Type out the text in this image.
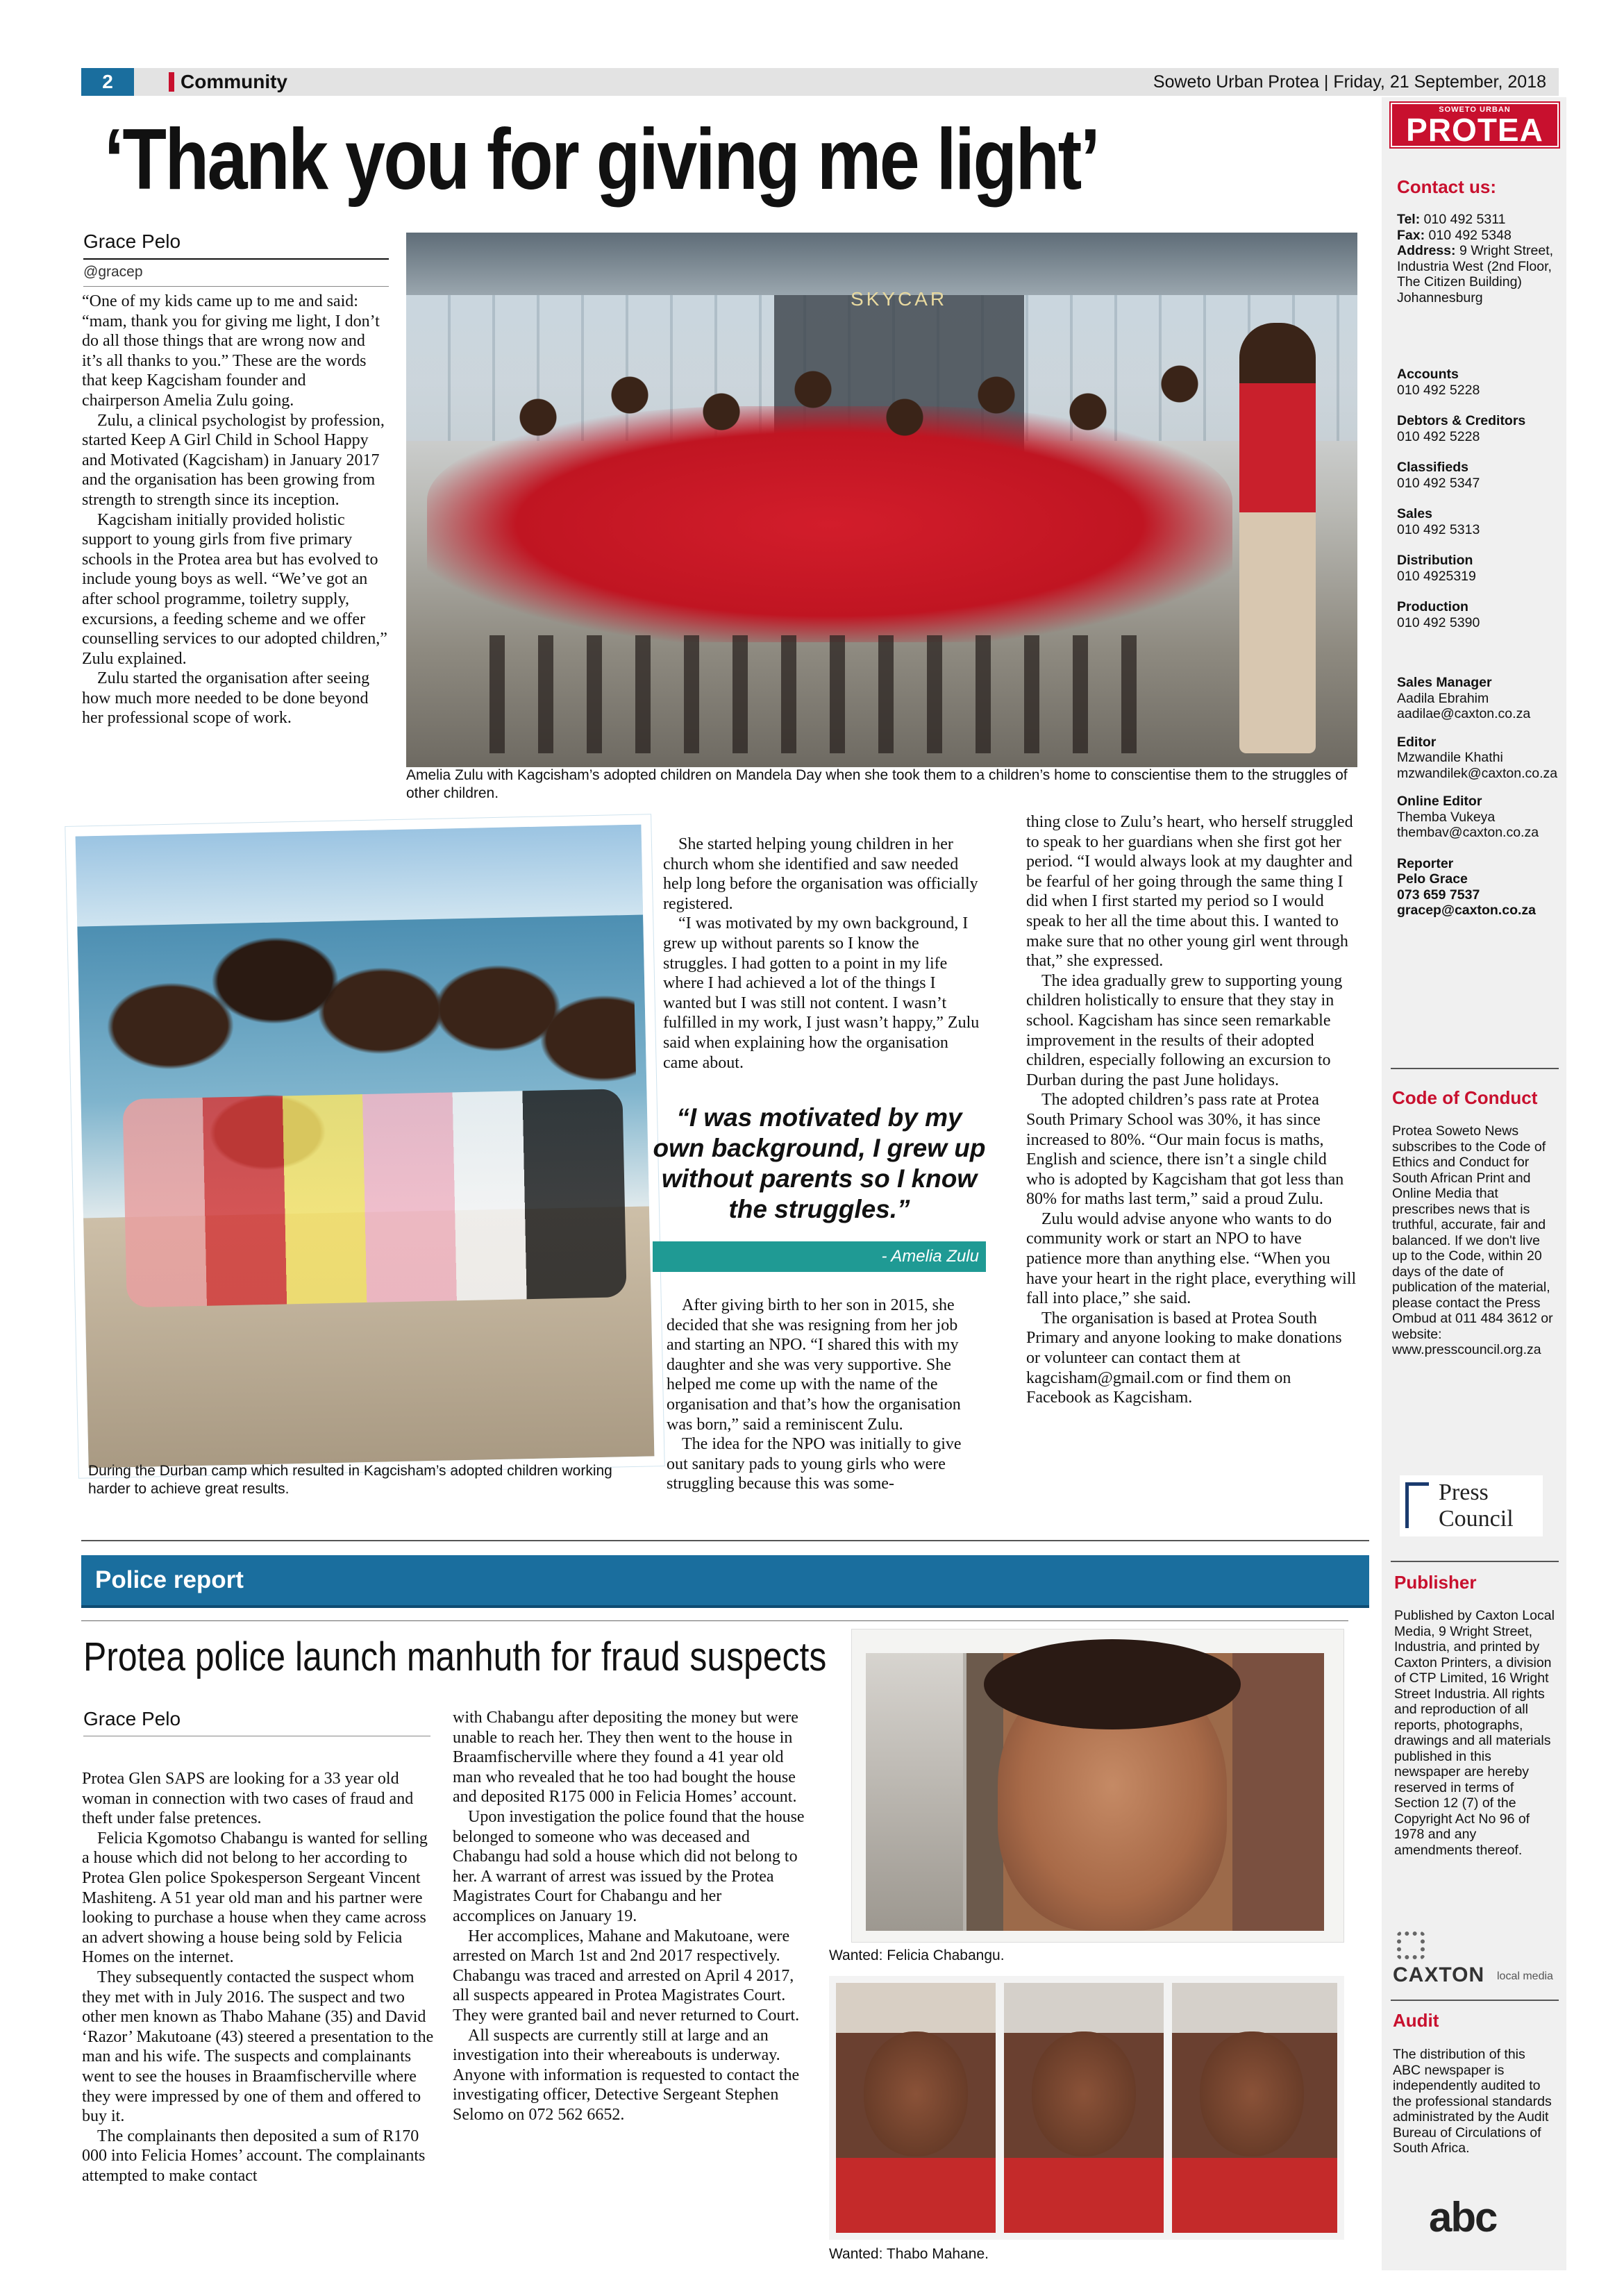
2	Community	Soweto Urban Protea | Friday, 21 September, 2018
SOWETO URBAN
PROTEA
Contact us:
Tel: 010 492 5311
Fax: 010 492 5348
Address: 9 Wright Street, Industria West (2nd Floor, The Citizen Building) Johannesburg
Accounts
010 492 5228
Debtors & Creditors
010 492 5228
Classifieds
010 492 5347
Sales
010 492 5313
Distribution
010 4925319
Production
010 492 5390
Sales Manager
Aadila Ebrahim
aadilae@caxton.co.za
Editor
Mzwandile Khathi
mzwandilek@caxton.co.za
Online Editor
Themba Vukeya
thembav@caxton.co.za
Reporter
Pelo Grace
073 659 7537
gracep@caxton.co.za
Code of Conduct
Protea Soweto News subscribes to the Code of Ethics and Conduct for South African Print and Online Media that prescribes news that is truthful, accurate, fair and balanced. If we don't live up to the Code, within 20 days of the date of publication of the material, please contact the Press Ombud at 011 484 3612 or website: www.presscouncil.org.za
Press
Council
Publisher
Published by Caxton Local Media, 9 Wright Street, Industria, and printed by Caxton Printers, a division of CTP Limited, 16 Wright Street Industria. All rights and reproduction of all reports, photographs, drawings and all materials published in this newspaper are hereby reserved in terms of Section 12 (7) of the Copyright Act No 96 of 1978 and any amendments thereof.
CAXTON local media
Audit
The distribution of this ABC newspaper is independently audited to the professional standards administrated by the Audit Bureau of Circulations of South Africa.
abc
‘Thank you for giving me light’
Grace Pelo
@gracep

“One of my kids came up to me and said: “mam, thank you for giving me light, I don’t do all those things that are wrong now and it’s all thanks to you.” These are the words that keep Kagcisham founder and chairperson Amelia Zulu going.

Zulu, a clinical psychologist by profession, started Keep A Girl Child in School Happy and Motivated (Kagcisham) in January 2017 and the organisation has been growing from strength to strength since its inception.

Kagcisham initially provided holistic support to young girls from five primary schools in the Protea area but has evolved to include young boys as well. “We’ve got an after school programme, toiletry supply, excursions, a feeding scheme and we offer counselling services to our adopted children,” Zulu explained.

Zulu started the organisation after seeing how much more needed to be done beyond her professional scope of work.

SKYCAR
Amelia Zulu with Kagcisham’s adopted children on Mandela Day when she took them to a children’s home to conscientise them to the struggles of other children.
During the Durban camp which resulted in Kagcisham’s adopted children working harder to achieve great results.

She started helping young children in her church whom she identified and saw needed help long before the organisation was officially registered.

“I was motivated by my own background, I grew up without parents so I know the struggles. I had gotten to a point in my life where I had achieved a lot of the things I wanted but I was still not content. I wasn’t fulfilled in my work, I just wasn’t happy,” Zulu said when explaining how the organisation came about.

“I was motivated by my own background, I grew up without parents so I know the struggles.”
- Amelia Zulu

After giving birth to her son in 2015, she decided that she was resigning from her job and starting an NPO. “I shared this with my daughter and she was very supportive. She helped me come up with the name of the organisation and that’s how the organisation was born,” said a reminiscent Zulu.

The idea for the NPO was initially to give out sanitary pads to young girls who were struggling because this was some-

thing close to Zulu’s heart, who herself struggled to speak to her guardians when she first got her period. “I would always look at my daughter and be fearful of her going through the same thing I did when I first started my period so I would speak to her all the time about this. I wanted to make sure that no other young girl went through that,” she expressed.

The idea gradually grew to supporting young children holistically to ensure that they stay in school. Kagcisham has since seen remarkable improvement in the results of their adopted children, especially following an excursion to Durban during the past June holidays.

The adopted children’s pass rate at Protea South Primary School was 30%, it has since increased to 80%. “Our main focus is maths, English and science, there isn’t a single child who is adopted by Kagcisham that got less than 80% for maths last term,” said a proud Zulu.

Zulu would advise anyone who wants to do community work or start an NPO to have patience more than anything else. “When you have your heart in the right place, everything will fall into place,” she said.

The organisation is based at Protea South Primary and anyone looking to make donations or volunteer can contact them at kagcisham@gmail.com or find them on Facebook as Kagcisham.

Police report
Protea police launch manhuth for fraud suspects
Grace Pelo

Protea Glen SAPS are looking for a 33 year old woman in connection with two cases of fraud and theft under false pretences.

Felicia Kgomotso Chabangu is wanted for selling a house which did not belong to her according to Protea Glen police Spokesperson Sergeant Vincent Mashiteng. A 51 year old man and his partner were looking to purchase a house when they came across an advert showing a house being sold by Felicia Homes on the internet.

They subsequently contacted the suspect whom they met with in July 2016. The suspect and two other men known as Thabo Mahane (35) and David ‘Razor’ Makutoane (43) steered a presentation to the man and his wife. The suspects and complainants went to see the houses in Braamfischerville where they were impressed by one of them and offered to buy it.

The complainants then deposited a sum of R170 000 into Felicia Homes’ account. The complainants attempted to make contact

with Chabangu after depositing the money but were unable to reach her. They then went to the house in Braamfischerville where they found a 41 year old man who revealed that he too had bought the house and deposited R175 000 in Felicia Homes’ account.

Upon investigation the police found that the house belonged to someone who was deceased and Chabangu had sold a house which did not belong to her. A warrant of arrest was issued by the Protea Magistrates Court for Chabangu and her accomplices on January 19.

Her accomplices, Mahane and Makutoane, were arrested on March 1st and 2nd 2017 respectively. Chabangu was traced and arrested on April 4 2017, all suspects appeared in Protea Magistrates Court. They were granted bail and never returned to Court.

All suspects are currently still at large and an investigation into their whereabouts is underway. Anyone with information is requested to contact the investigating officer, Detective Sergeant Stephen Selomo on 072 562 6652.

Wanted: Felicia Chabangu.
Wanted: Thabo Mahane.
